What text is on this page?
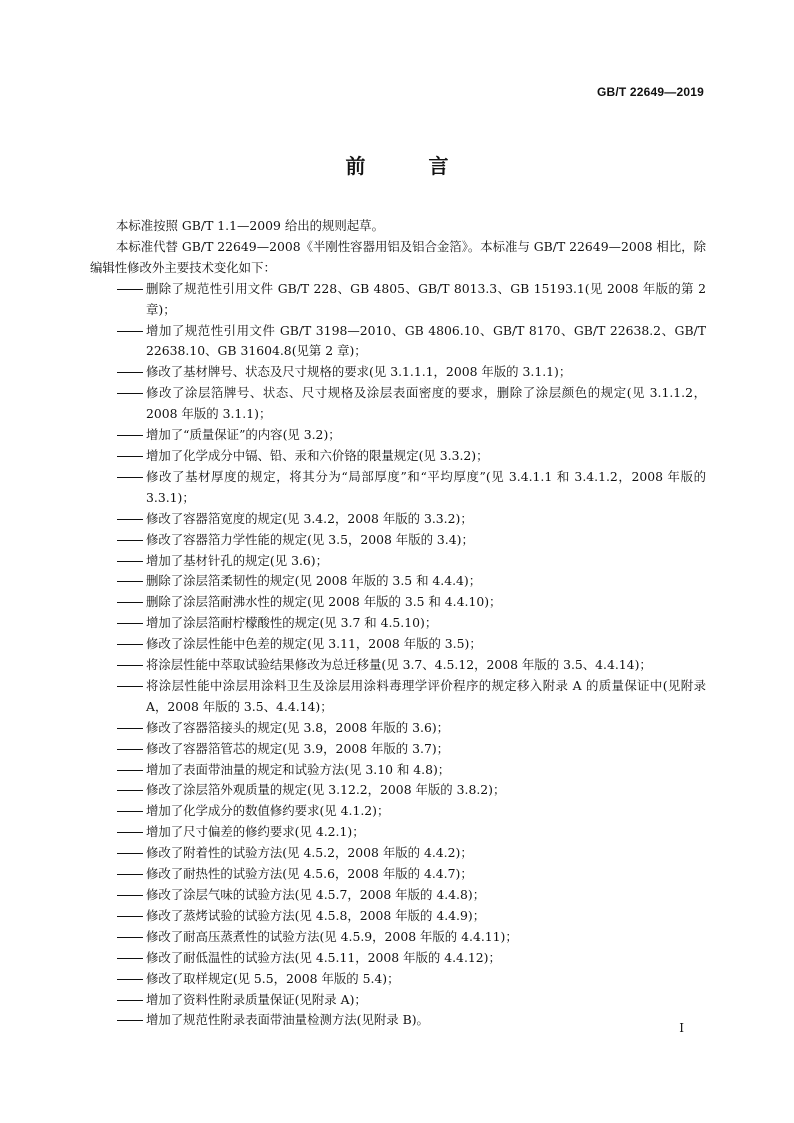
GB/T 22649—2019
前 言

本标准按照 GB/T 1.1—2009 给出的规则起草。

本标准代替 GB/T 22649—2008《半刚性容器用铝及铝合金箔》。本标准与 GB/T 22649—2008 相比，除编辑性修改外主要技术变化如下：

删除了规范性引用文件 GB/T 228、GB 4805、GB/T 8013.3、GB 15193.1(见 2008 年版的第 2 章)；
增加了规范性引用文件 GB/T 3198—2010、GB 4806.10、GB/T 8170、GB/T 22638.2、GB/T 22638.10、GB 31604.8(见第 2 章)；
修改了基材牌号、状态及尺寸规格的要求(见 3.1.1.1，2008 年版的 3.1.1)；
修改了涂层箔牌号、状态、尺寸规格及涂层表面密度的要求，删除了涂层颜色的规定(见 3.1.1.2，2008 年版的 3.1.1)；
增加了“质量保证”的内容(见 3.2)；
增加了化学成分中镉、铅、汞和六价铬的限量规定(见 3.3.2)；
修改了基材厚度的规定，将其分为“局部厚度”和“平均厚度”(见 3.4.1.1 和 3.4.1.2，2008 年版的 3.3.1)；
修改了容器箔宽度的规定(见 3.4.2，2008 年版的 3.3.2)；
修改了容器箔力学性能的规定(见 3.5，2008 年版的 3.4)；
增加了基材针孔的规定(见 3.6)；
删除了涂层箔柔韧性的规定(见 2008 年版的 3.5 和 4.4.4)；
删除了涂层箔耐沸水性的规定(见 2008 年版的 3.5 和 4.4.10)；
增加了涂层箔耐柠檬酸性的规定(见 3.7 和 4.5.10)；
修改了涂层性能中色差的规定(见 3.11，2008 年版的 3.5)；
将涂层性能中萃取试验结果修改为总迁移量(见 3.7、4.5.12，2008 年版的 3.5、4.4.14)；
将涂层性能中涂层用涂料卫生及涂层用涂料毒理学评价程序的规定移入附录 A 的质量保证中(见附录 A，2008 年版的 3.5、4.4.14)；
修改了容器箔接头的规定(见 3.8，2008 年版的 3.6)；
修改了容器箔管芯的规定(见 3.9，2008 年版的 3.7)；
增加了表面带油量的规定和试验方法(见 3.10 和 4.8)；
修改了涂层箔外观质量的规定(见 3.12.2，2008 年版的 3.8.2)；
增加了化学成分的数值修约要求(见 4.1.2)；
增加了尺寸偏差的修约要求(见 4.2.1)；
修改了附着性的试验方法(见 4.5.2，2008 年版的 4.4.2)；
修改了耐热性的试验方法(见 4.5.6，2008 年版的 4.4.7)；
修改了涂层气味的试验方法(见 4.5.7，2008 年版的 4.4.8)；
修改了蒸烤试验的试验方法(见 4.5.8，2008 年版的 4.4.9)；
修改了耐高压蒸煮性的试验方法(见 4.5.9，2008 年版的 4.4.11)；
修改了耐低温性的试验方法(见 4.5.11，2008 年版的 4.4.12)；
修改了取样规定(见 5.5，2008 年版的 5.4)；
增加了资料性附录质量保证(见附录 A)；
增加了规范性附录表面带油量检测方法(见附录 B)。
I
